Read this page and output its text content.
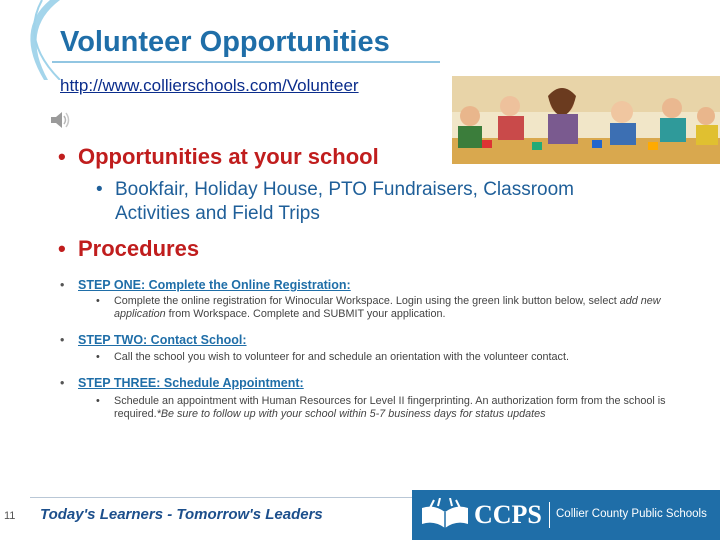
Volunteer Opportunities
http://www.collierschools.com/Volunteer
• Opportunities at your school
• Bookfair, Holiday House, PTO Fundraisers, Classroom Activities and Field Trips
• Procedures
• STEP ONE: Complete the Online Registration:
•	Complete the online registration for Winocular Workspace. Login using the green link button below, select add new application from Workspace. Complete and SUBMIT your application.
• STEP TWO: Contact School:
•	Call the school you wish to volunteer for and schedule an orientation with the volunteer contact.
• STEP THREE: Schedule Appointment:
•	Schedule an appointment with Human Resources for Level II fingerprinting. An authorization form from the school is required.*Be sure to follow up with your school within 5-7 business days for status updates
11 Today's Learners - Tomorrow's Leaders	CCPS Collier County Public Schools
